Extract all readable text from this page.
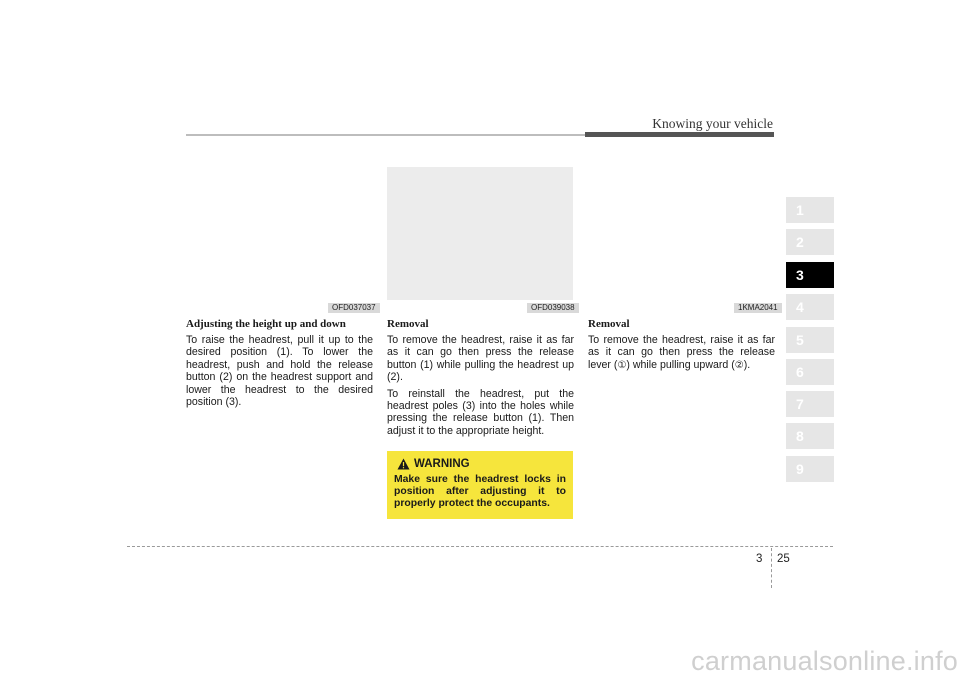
Knowing your vehicle
OFD037037	OFD039038	1KMA2041
Adjusting the height up and down

To raise the headrest, pull it up to the desired position (1). To lower the headrest, push and hold the release button (2) on the headrest support and lower the headrest to the desired position (3).

Removal

To remove the headrest, raise it as far as it can go then press the release button (1) while pulling the headrest up (2).

To reinstall the headrest, put the headrest poles (3) into the holes while pressing the release button (1). Then adjust it to the appropriate height.

WARNING
Make sure the headrest locks in position after adjusting it to properly protect the occupants.
Removal

To remove the headrest, raise it as far as it can go then press the release lever (①) while pulling upward (②).

1
2
3
4
5
6
7
8
9
3 25
carmanualsonline.info
